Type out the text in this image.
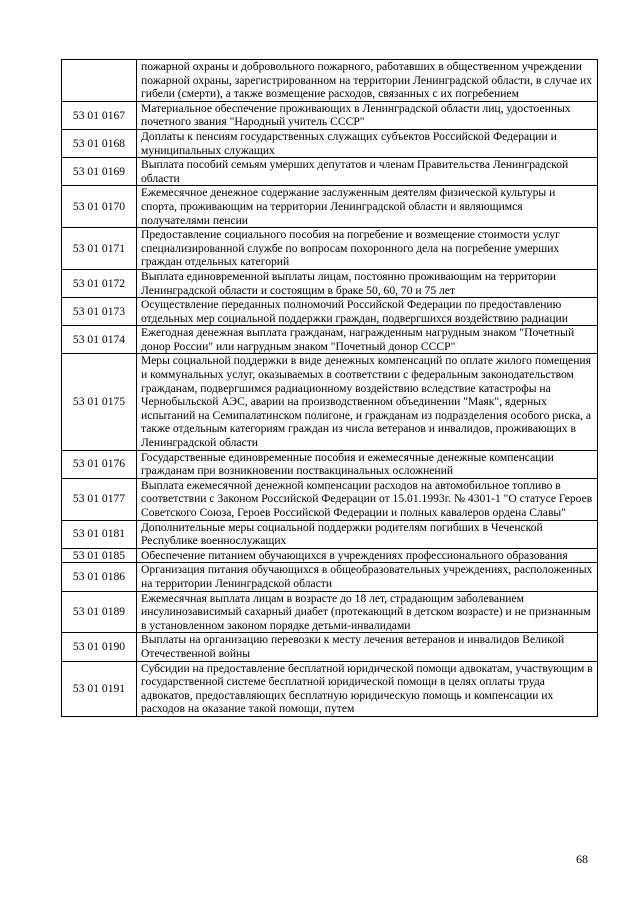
	пожарной охраны и добровольного пожарного, работавших в общественном учреждении пожарной охраны, зарегистрированном на территории Ленинградской области, в случае их гибели (смерти), а также возмещение расходов, связанных с их погребением
53 01 0167	Материальное обеспечение проживающих в Ленинградской области лиц, удостоенных почетного звания "Народный учитель СССР"
53 01 0168	Доплаты к пенсиям государственных служащих субъектов Российской Федерации и муниципальных служащих
53 01 0169	Выплата пособий семьям умерших депутатов и членам Правительства Ленинградской области
53 01 0170	Ежемесячное денежное содержание заслуженным деятелям физической культуры и спорта, проживающим на территории Ленинградской области и являющимся получателями пенсии
53 01 0171	Предоставление социального пособия на погребение и возмещение стоимости услуг специализированной службе по вопросам похоронного дела на погребение умерших граждан отдельных категорий
53 01 0172	Выплата единовременной выплаты лицам, постоянно проживающим на территории Ленинградской области и состоящим в браке 50, 60, 70 и 75 лет
53 01 0173	Осуществление переданных полномочий Российской Федерации по предоставлению отдельных мер социальной поддержки граждан, подвергшихся воздействию радиации
53 01 0174	Ежегодная денежная выплата гражданам, награжденным нагрудным знаком "Почетный донор России" или нагрудным знаком "Почетный донор СССР"
53 01 0175	Меры социальной поддержки в виде денежных компенсаций по оплате жилого помещения и коммунальных услуг, оказываемых в соответствии с федеральным законодательством гражданам, подвергшимся радиационному воздействию вследствие катастрофы на Чернобыльской АЭС, аварии на производственном объединении "Маяк", ядерных испытаний на Семипалатинском полигоне, и гражданам из подразделения особого риска, а также отдельным категориям граждан из числа ветеранов и инвалидов, проживающих в Ленинградской области
53 01 0176	Государственные единовременные пособия и ежемесячные денежные компенсации гражданам при возникновении поствакцинальных осложнений
53 01 0177	Выплата ежемесячной денежной компенсации расходов на автомобильное топливо в соответствии с Законом Российской Федерации от 15.01.1993г. № 4301-1 "О статусе Героев Советского Союза, Героев Российской Федерации и полных кавалеров ордена Славы"
53 01 0181	Дополнительные меры социальной поддержки родителям погибших в Чеченской Республике военнослужащих
53 01 0185	Обеспечение питанием обучающихся в учреждениях профессионального образования
53 01 0186	Организация питания обучающихся в общеобразовательных учреждениях, расположенных на территории Ленинградской области
53 01 0189	Ежемесячная выплата лицам в возрасте до 18 лет, страдающим заболеванием инсулинозависимый сахарный диабет (протекающий в детском возрасте) и не признанным в установленном законом порядке детьми-инвалидами
53 01 0190	Выплаты на организацию перевозки к месту лечения ветеранов и инвалидов Великой Отечественной войны
53 01 0191	Субсидии на предоставление бесплатной юридической помощи адвокатам, участвующим в государственной системе бесплатной юридической помощи в целях оплаты труда адвокатов, предоставляющих бесплатную юридическую помощь и компенсации их расходов на оказание такой помощи, путем
68
